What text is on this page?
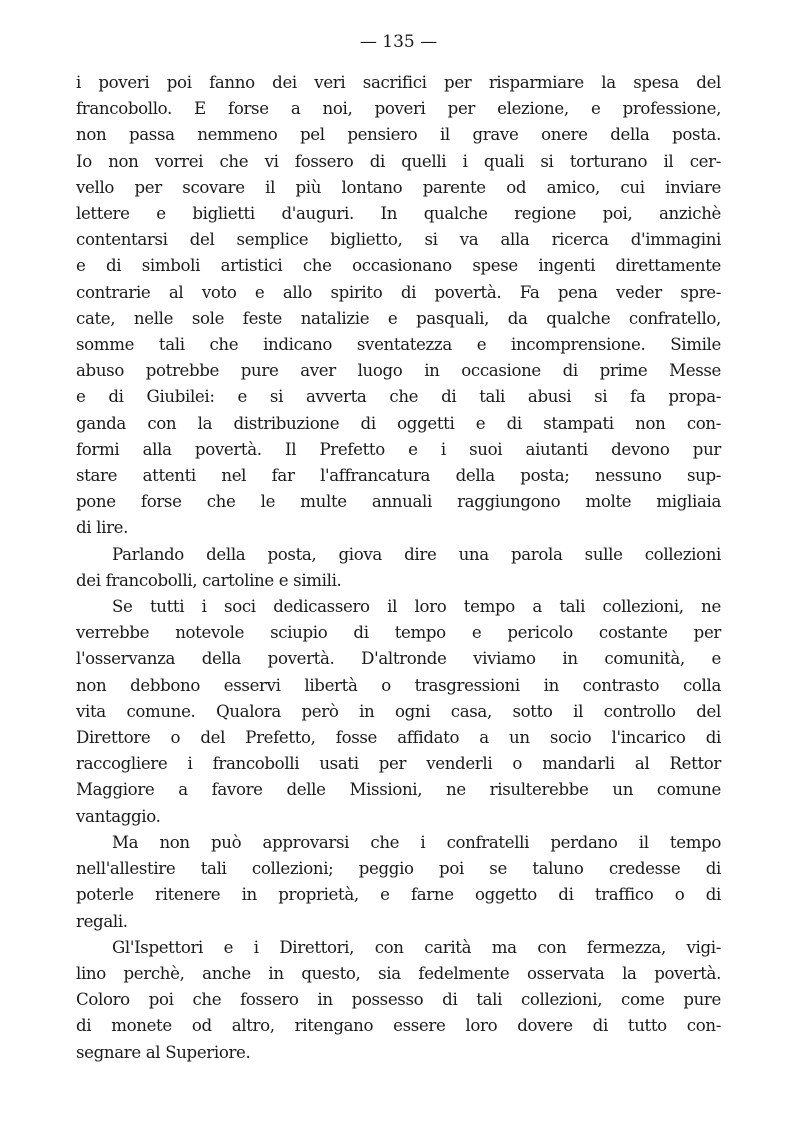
— 135 —
i poveri poi fanno dei veri sacrifici per risparmiare la spesa del
francobollo. E forse a noi, poveri per elezione, e professione,
non passa nemmeno pel pensiero il grave onere della posta.
Io non vorrei che vi fossero di quelli i quali si torturano il cer-
vello per scovare il più lontano parente od amico, cui inviare
lettere e biglietti d'auguri. In qualche regione poi, anzichè
contentarsi del semplice biglietto, si va alla ricerca d'immagini
e di simboli artistici che occasionano spese ingenti direttamente
contrarie al voto e allo spirito di povertà. Fa pena veder spre-
cate, nelle sole feste natalizie e pasquali, da qualche confratello,
somme tali che indicano sventatezza e incomprensione. Simile
abuso potrebbe pure aver luogo in occasione di prime Messe
e di Giubilei: e si avverta che di tali abusi si fa propa-
ganda con la distribuzione di oggetti e di stampati non con-
formi alla povertà. Il Prefetto e i suoi aiutanti devono pur
stare attenti nel far l'affrancatura della posta; nessuno sup-
pone forse che le multe annuali raggiungono molte migliaia
di lire.
Parlando della posta, giova dire una parola sulle collezioni
dei francobolli, cartoline e simili.
Se tutti i soci dedicassero il loro tempo a tali collezioni, ne
verrebbe notevole sciupio di tempo e pericolo costante per
l'osservanza della povertà. D'altronde viviamo in comunità, e
non debbono esservi libertà o trasgressioni in contrasto colla
vita comune. Qualora però in ogni casa, sotto il controllo del
Direttore o del Prefetto, fosse affidato a un socio l'incarico di
raccogliere i francobolli usati per venderli o mandarli al Rettor
Maggiore a favore delle Missioni, ne risulterebbe un comune
vantaggio.
Ma non può approvarsi che i confratelli perdano il tempo
nell'allestire tali collezioni; peggio poi se taluno credesse di
poterle ritenere in proprietà, e farne oggetto di traffico o di
regali.
Gl'Ispettori e i Direttori, con carità ma con fermezza, vigi-
lino perchè, anche in questo, sia fedelmente osservata la povertà.
Coloro poi che fossero in possesso di tali collezioni, come pure
di monete od altro, ritengano essere loro dovere di tutto con-
segnare al Superiore.
